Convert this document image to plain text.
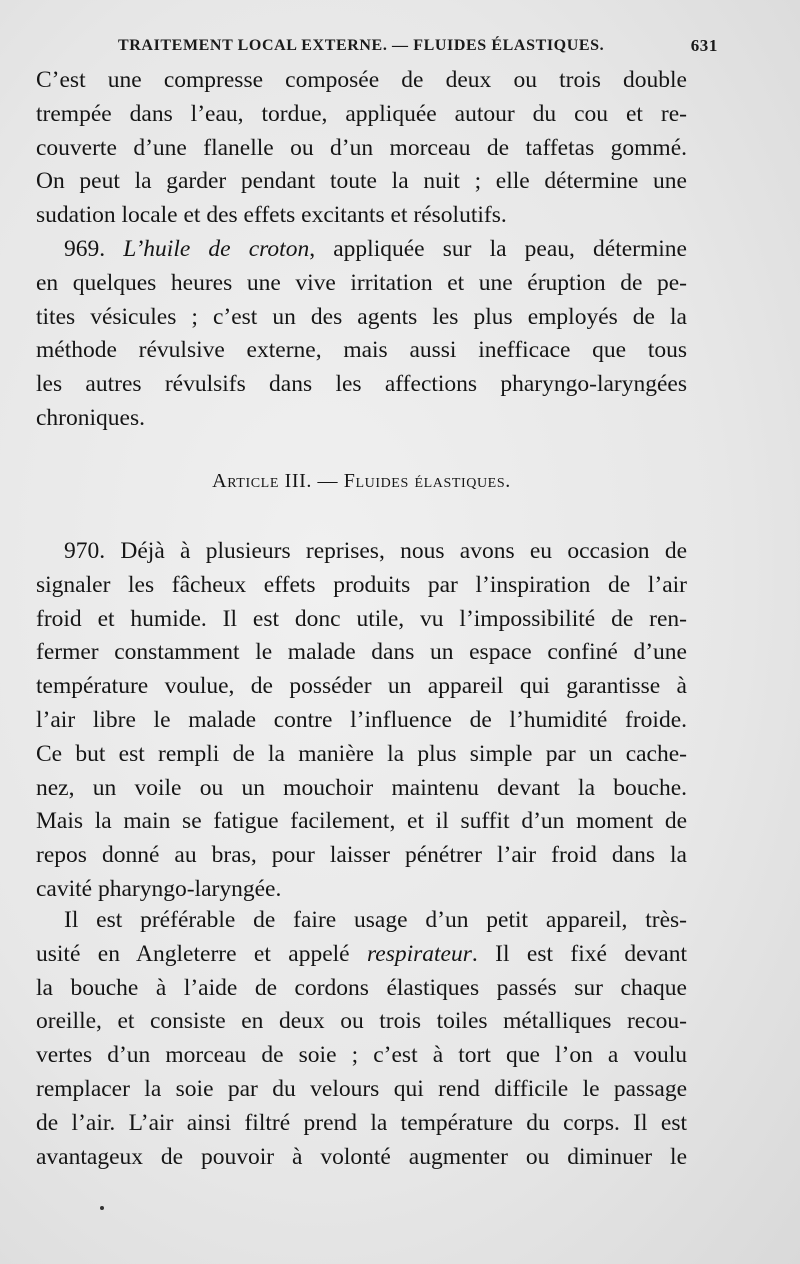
TRAITEMENT LOCAL EXTERNE. — FLUIDES ÉLASTIQUES.	631
C’est une compresse composée de deux ou trois double
trempée dans l’eau, tordue, appliquée autour du cou et re-
couverte d’une flanelle ou d’un morceau de taffetas gommé.
On peut la garder pendant toute la nuit ; elle détermine une
sudation locale et des effets excitants et résolutifs.
969. L’huile de croton, appliquée sur la peau, détermine
en quelques heures une vive irritation et une éruption de pe-
tites vésicules ; c’est un des agents les plus employés de la
méthode révulsive externe, mais aussi inefficace que tous
les autres révulsifs dans les affections pharyngo-laryngées
chroniques.
Article III. — Fluides élastiques.
970. Déjà à plusieurs reprises, nous avons eu occasion de
signaler les fâcheux effets produits par l’inspiration de l’air
froid et humide. Il est donc utile, vu l’impossibilité de ren-
fermer constamment le malade dans un espace confiné d’une
température voulue, de posséder un appareil qui garantisse à
l’air libre le malade contre l’influence de l’humidité froide.
Ce but est rempli de la manière la plus simple par un cache-
nez, un voile ou un mouchoir maintenu devant la bouche.
Mais la main se fatigue facilement, et il suffit d’un moment de
repos donné au bras, pour laisser pénétrer l’air froid dans la
cavité pharyngo-laryngée.
Il est préférable de faire usage d’un petit appareil, très-
usité en Angleterre et appelé respirateur. Il est fixé devant
la bouche à l’aide de cordons élastiques passés sur chaque
oreille, et consiste en deux ou trois toiles métalliques recou-
vertes d’un morceau de soie ; c’est à tort que l’on a voulu
remplacer la soie par du velours qui rend difficile le passage
de l’air. L’air ainsi filtré prend la température du corps. Il est
avantageux de pouvoir à volonté augmenter ou diminuer le
